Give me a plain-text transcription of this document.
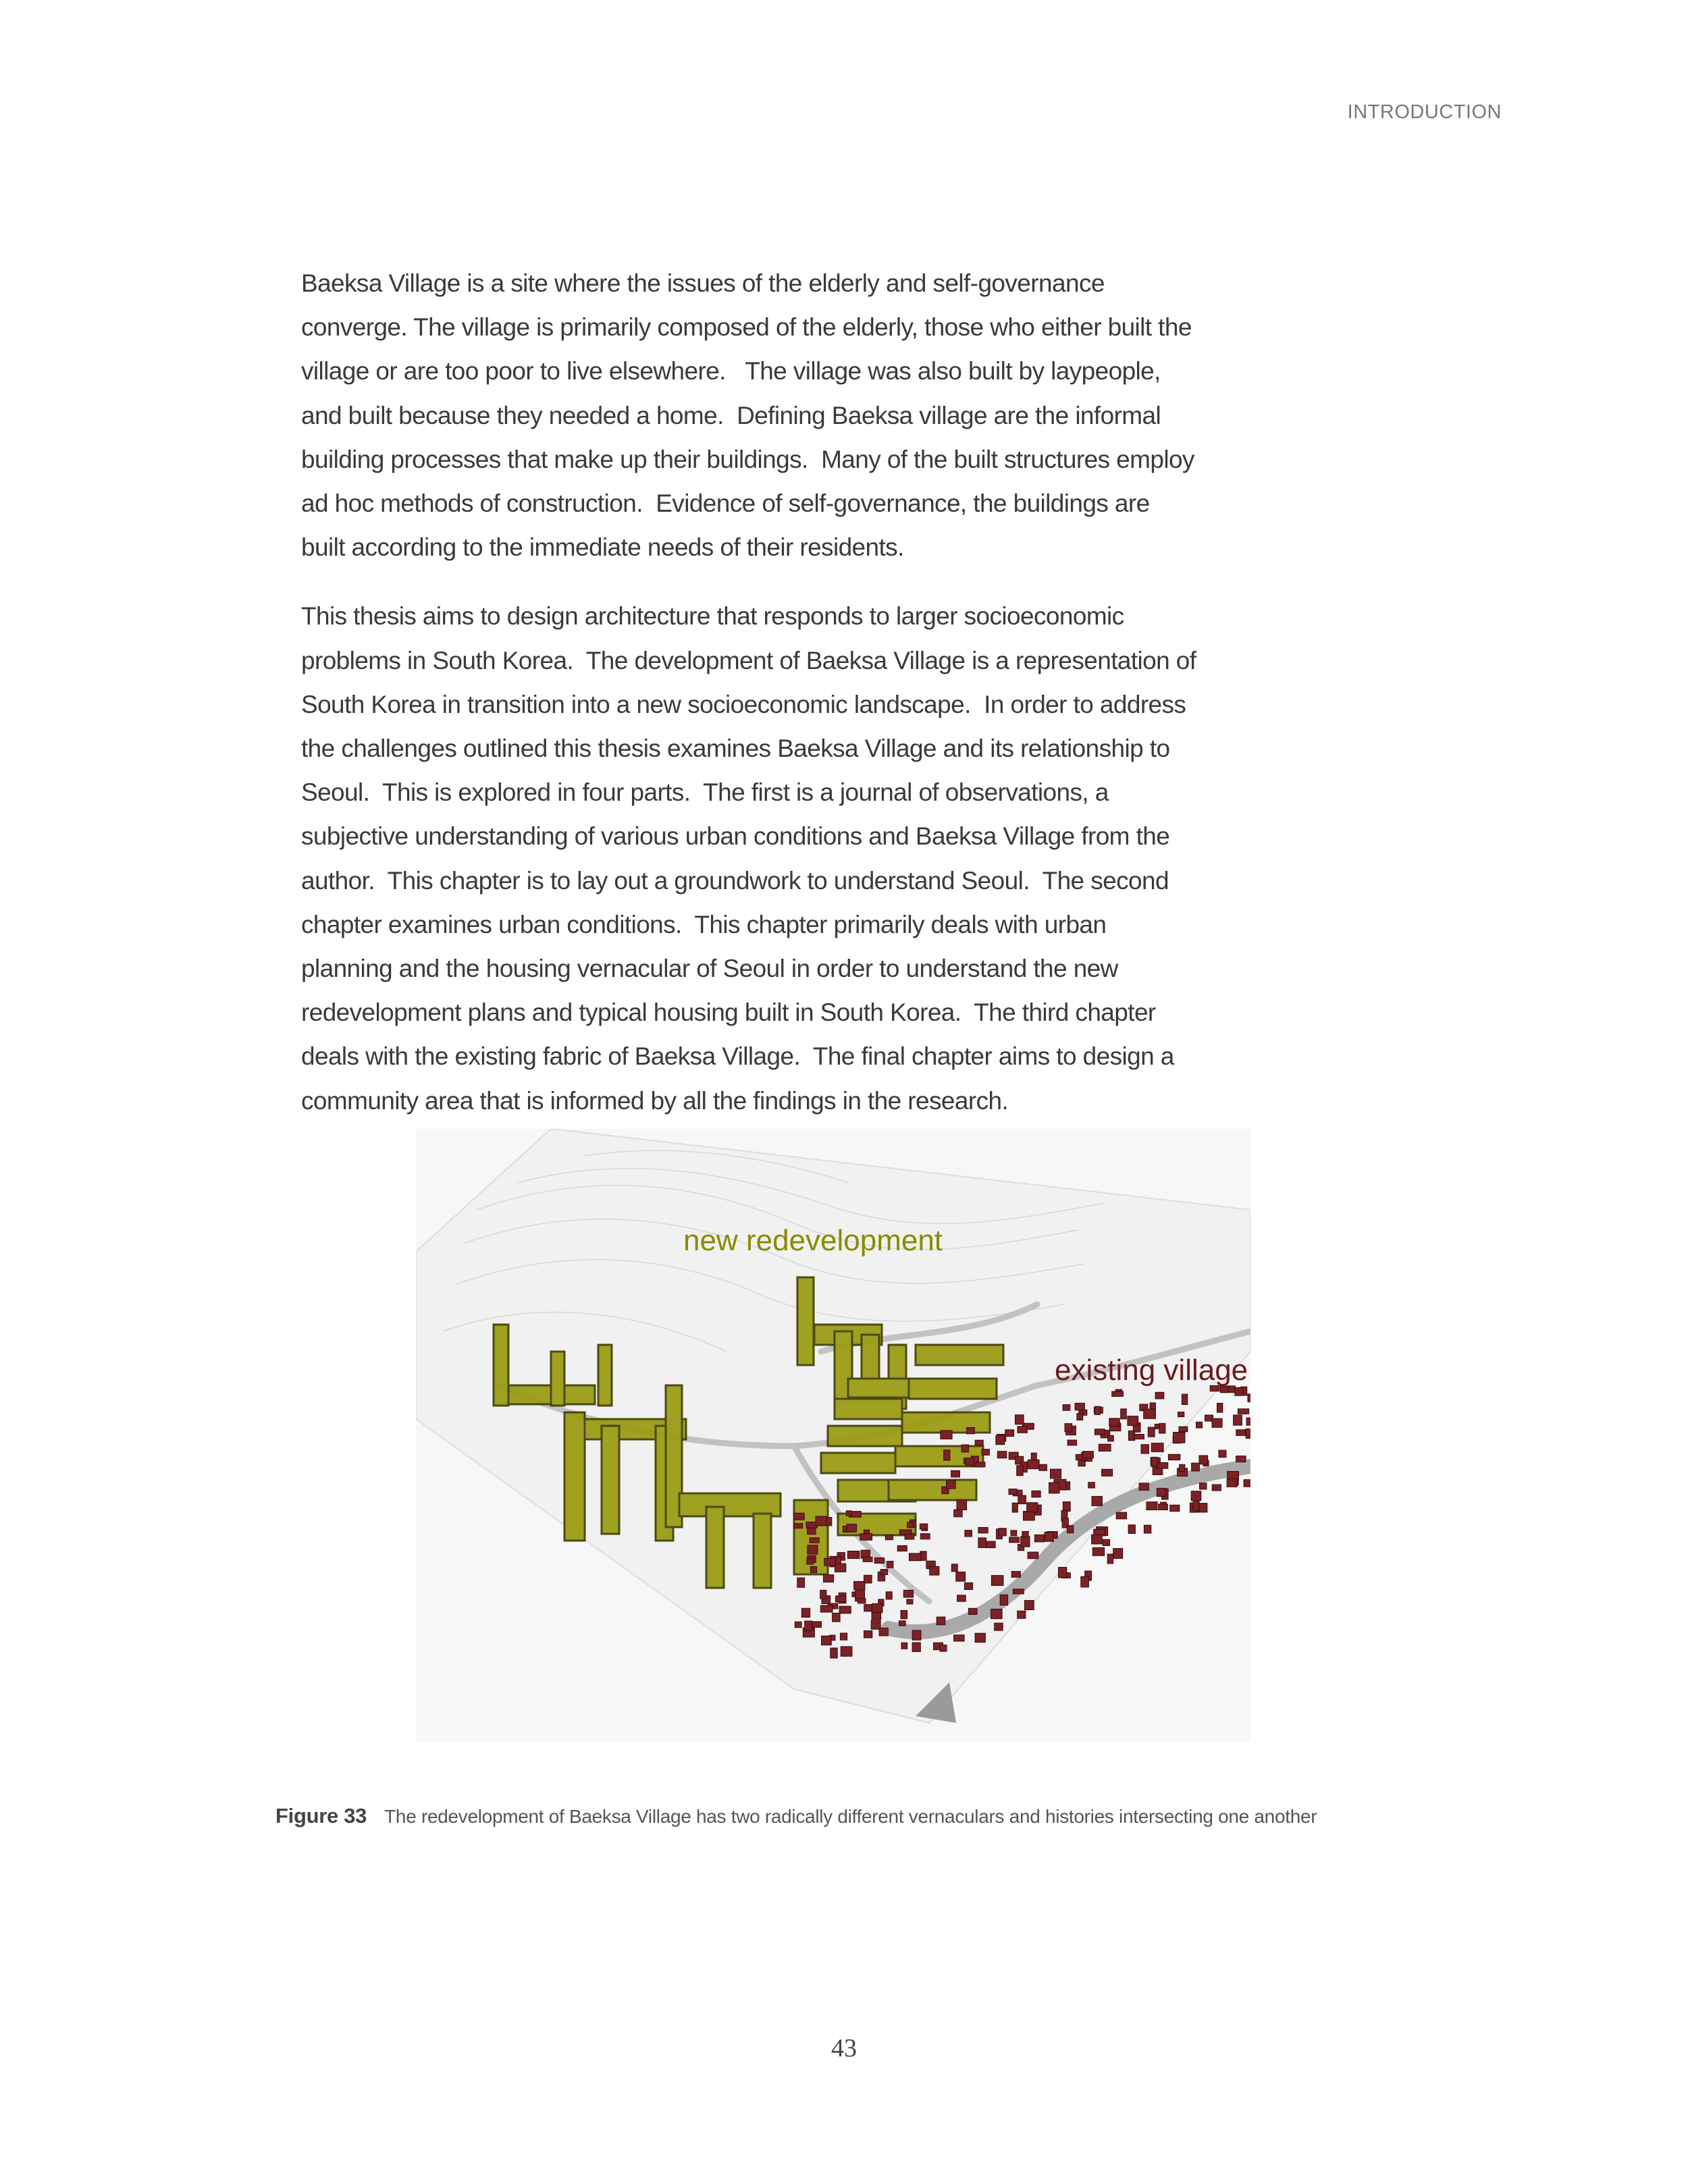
INTRODUCTION

Baeksa Village is a site where the issues of the elderly and self-governance converge. The village is primarily composed of the elderly, those who either built the village or are too poor to live elsewhere.   The village was also built by laypeople, and built because they needed a home.  Defining Baeksa village are the informal building processes that make up their buildings.  Many of the built structures employ ad hoc methods of construction.  Evidence of self-governance, the buildings are built according to the immediate needs of their residents.

This thesis aims to design architecture that responds to larger socioeconomic problems in South Korea.  The development of Baeksa Village is a representation of South Korea in transition into a new socioeconomic landscape.  In order to address the challenges outlined this thesis examines Baeksa Village and its relationship to Seoul.  This is explored in four parts.  The first is a journal of observations, a subjective understanding of various urban conditions and Baeksa Village from the author.  This chapter is to lay out a groundwork to understand Seoul.  The second  chapter examines urban conditions.  This chapter primarily deals with urban planning and the housing vernacular of Seoul in order to understand the new redevelopment plans and typical housing built in South Korea.  The third chapter deals with the existing fabric of Baeksa Village.  The final chapter aims to design a community area that is informed by all the findings in the research.

new redevelopment
existing village
Figure 33 The redevelopment of Baeksa Village has two radically different vernaculars and histories intersecting one another
43
